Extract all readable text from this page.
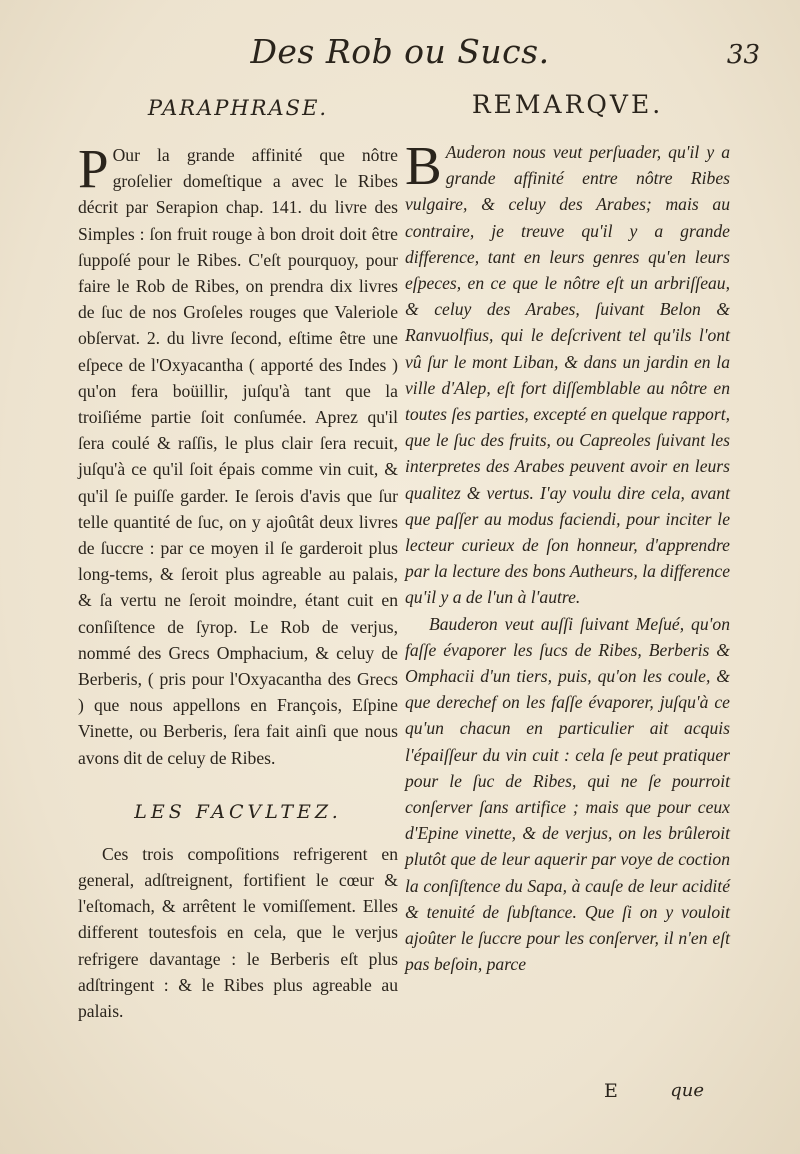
Des Rob ou Sucs.	33
PARAPHRASE.

P Our la grande affinité que nôtre groſelier domeſtique a avec le Ribes décrit par Serapion chap. 141. du livre des Simples : ſon fruit rouge à bon droit doit être ſuppoſé pour le Ribes. C'eſt pourquoy, pour faire le Rob de Ribes, on prendra dix livres de ſuc de nos Groſeles rouges que Valeriole obſervat. 2. du livre ſecond, eſtime être une eſpece de l'Oxyacantha ( apporté des Indes ) qu'on fera boüillir, juſqu'à tant que la troiſiéme partie ſoit conſumée. Aprez qu'il ſera coulé & raſſis, le plus clair ſera recuit, juſqu'à ce qu'il ſoit épais comme vin cuit, & qu'il ſe puiſſe garder. Ie ſerois d'avis que ſur telle quantité de ſuc, on y ajoûtât deux livres de ſuccre : par ce moyen il ſe garderoit plus long-tems, & ſeroit plus agreable au palais, & ſa vertu ne ſeroit moindre, étant cuit en conſiſtence de ſyrop. Le Rob de verjus, nommé des Grecs Omphacium, & celuy de Berberis, ( pris pour l'Oxyacantha des Grecs ) que nous appellons en François, Eſpine Vinette, ou Berberis, ſera fait ainſi que nous avons dit de celuy de Ribes.

LES FACVLTEZ.

Ces trois compoſitions refrigerent en general, adſtreignent, fortifient le cœur & l'eſtomach, & arrêtent le vomiſſement. Elles different toutesfois en cela, que le verjus refrigere davantage : le Berberis eſt plus adſtringent : & le Ribes plus agreable au palais.

REMARQVE.

B Auderon nous veut perſuader, qu'il y a grande affinité entre nôtre Ribes vulgaire, & celuy des Arabes; mais au contraire, je treuve qu'il y a grande difference, tant en leurs genres qu'en leurs eſpeces, en ce que le nôtre eſt un arbriſſeau, & celuy des Arabes, ſuivant Belon & Ranvuolfius, qui le deſcrivent tel qu'ils l'ont vû ſur le mont Liban, & dans un jardin en la ville d'Alep, eſt fort diſſemblable au nôtre en toutes ſes parties, excepté en quelque rapport, que le ſuc des fruits, ou Capreoles ſuivant les interpretes des Arabes peuvent avoir en leurs qualitez & vertus. I'ay voulu dire cela, avant que paſſer au modus faciendi, pour inciter le lecteur curieux de ſon honneur, d'apprendre par la lecture des bons Autheurs, la difference qu'il y a de l'un à l'autre.

Bauderon veut auſſi ſuivant Meſué, qu'on faſſe évaporer les ſucs de Ribes, Berberis & Omphacii d'un tiers, puis, qu'on les coule, & que derechef on les faſſe évaporer, juſqu'à ce qu'un chacun en particulier ait acquis l'épaiſſeur du vin cuit : cela ſe peut pratiquer pour le ſuc de Ribes, qui ne ſe pourroit conſerver ſans artifice ; mais que pour ceux d'Epine vinette, & de verjus, on les brûleroit plutôt que de leur aquerir par voye de coction la conſiſtence du Sapa, à cauſe de leur acidité & tenuité de ſubſtance. Que ſi on y vouloit ajoûter le ſuccre pour les conſerver, il n'en eſt pas beſoin, parce

E	que
